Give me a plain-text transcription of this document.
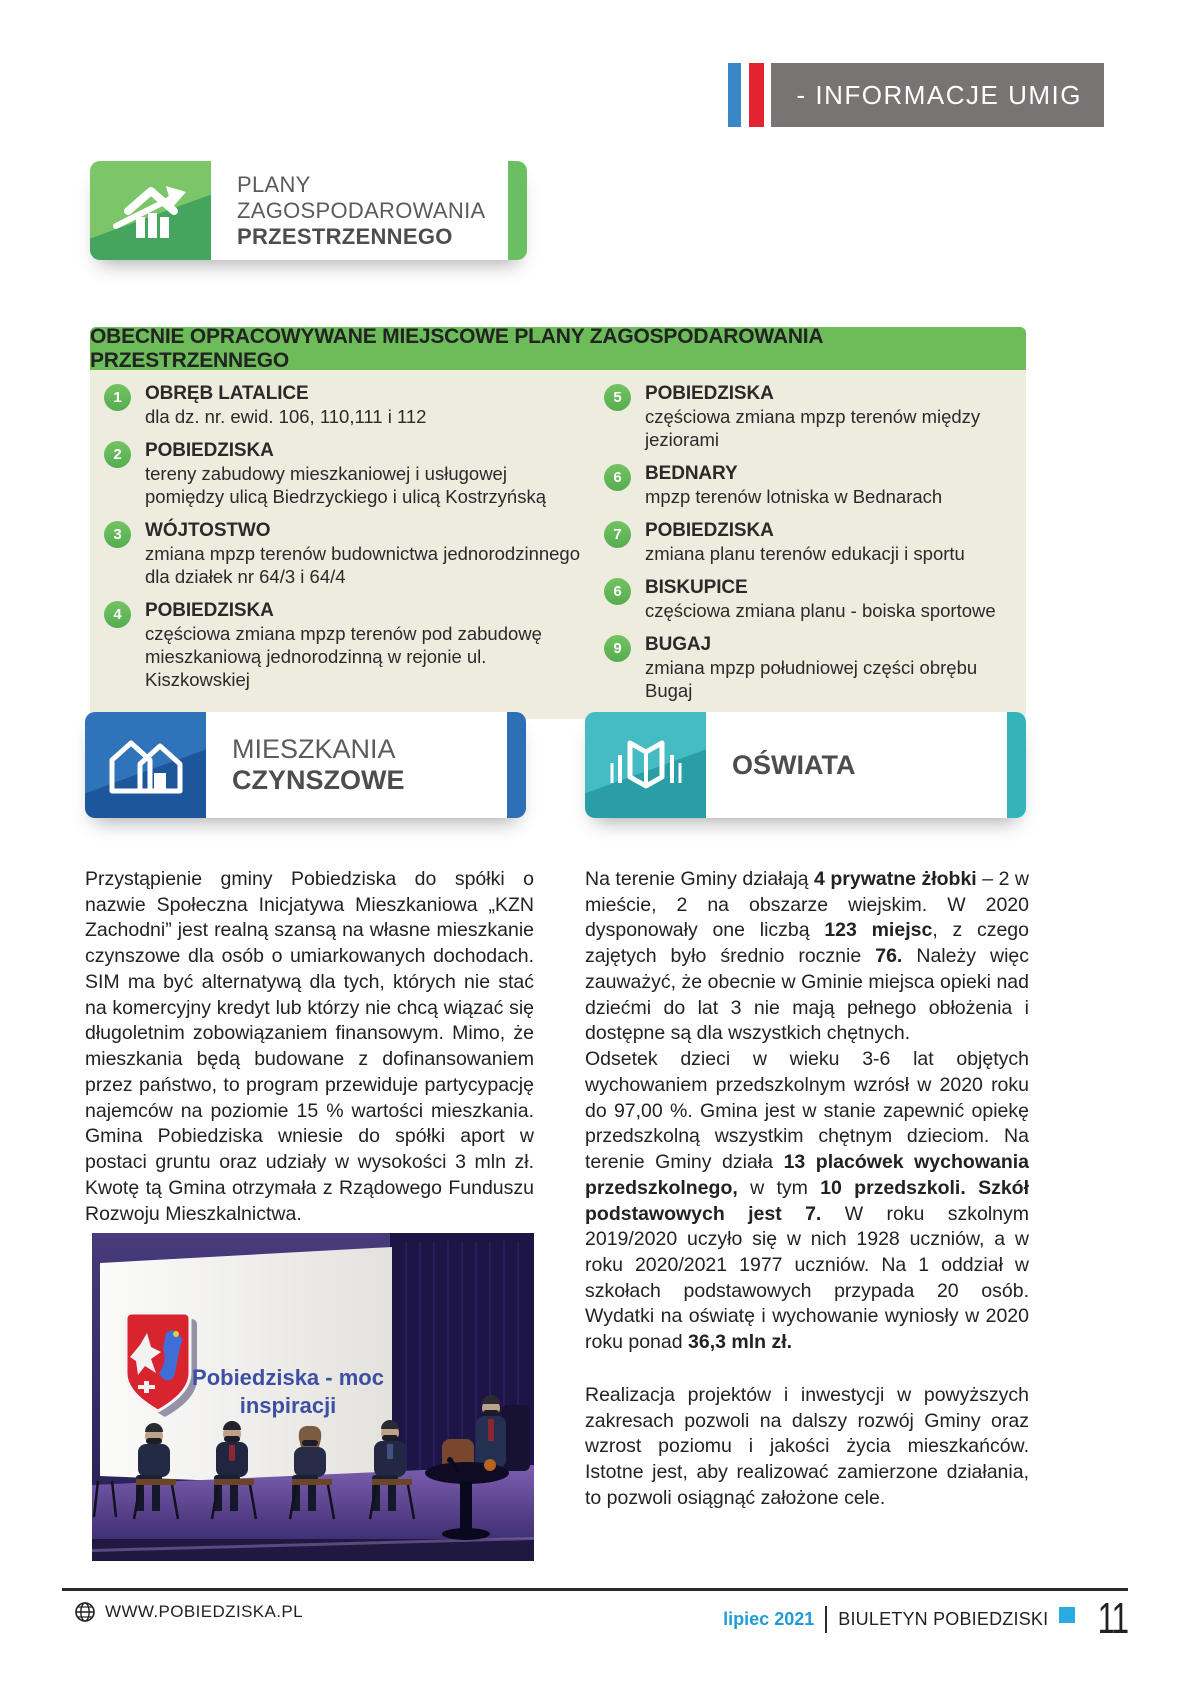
- INFORMACJE UMIG
PLANY ZAGOSPODAROWANIA
PRZESTRZENNEGO
OBECNIE OPRACOWYWANE MIEJSCOWE PLANY ZAGOSPODAROWANIA PRZESTRZENNEGO
1	OBRĘB LATALICE
dla dz. nr. ewid. 106, 110,111 i 112
2	POBIEDZISKA
tereny zabudowy mieszkaniowej i usługowej pomiędzy ulicą Biedrzyckiego i ulicą Kostrzyńską
3	WÓJTOSTWO
zmiana mpzp terenów budownictwa jednorodzinnego dla działek nr 64/3 i 64/4
4	POBIEDZISKA
częściowa zmiana mpzp terenów pod zabudowę mieszkaniową jednorodzinną w rejonie ul. Kiszkowskiej
5	POBIEDZISKA
częściowa zmiana mpzp terenów między jeziorami
6	BEDNARY
mpzp terenów lotniska w Bednarach
7	POBIEDZISKA
zmiana planu terenów edukacji i sportu
6	BISKUPICE
częściowa zmiana planu - boiska sportowe
9	BUGAJ
zmiana mpzp południowej części obrębu Bugaj
MIESZKANIA
CZYNSZOWE
OŚWIATA
Przystąpienie gminy Pobiedziska do spółki o nazwie Społeczna Inicjatywa Mieszkaniowa „KZN Zachodni” jest realną szansą na własne mieszkanie czynszowe dla osób o umiarkowanych dochodach. SIM ma być alternatywą dla tych, których nie stać na komercyjny kredyt lub którzy nie chcą wiązać się długoletnim zobowiązaniem finansowym. Mimo, że mieszkania będą budowane z dofinansowaniem przez państwo, to program przewiduje partycypację najemców na poziomie 15 % wartości mieszkania. Gmina Pobiedziska wniesie do spółki aport w postaci gruntu oraz udziały w wysokości 3 mln zł. Kwotę tą Gmina otrzymała z Rządowego Funduszu Rozwoju Mieszkalnictwa.
Pobiedziska - moc
inspiracji

Na terenie Gminy działają 4 prywatne żłobki – 2 w mieście, 2 na obszarze wiejskim. W 2020 dysponowały one liczbą 123 miejsc, z czego zajętych było średnio rocznie 76. Należy więc zauważyć, że obecnie w Gminie miejsca opieki nad dziećmi do lat 3 nie mają pełnego obłożenia i dostępne są dla wszystkich chętnych.

Odsetek dzieci w wieku 3-6 lat objętych wychowaniem przedszkolnym wzrósł w 2020 roku do 97,00 %. Gmina jest w stanie zapewnić opiekę przedszkolną wszystkim chętnym dzieciom. Na terenie Gminy działa 13 placówek wychowania przedszkolnego, w tym 10 przedszkoli. Szkół podstawowych jest 7. W roku szkolnym 2019/2020 uczyło się w nich 1928 uczniów, a w roku 2020/2021 1977 uczniów. Na 1 oddział w szkołach podstawowych przypada 20 osób. Wydatki na oświatę i wychowanie wyniosły w 2020 roku ponad 36,3 mln zł.

Realizacja projektów i inwestycji w powyższych zakresach pozwoli na dalszy rozwój Gminy oraz wzrost poziomu i jakości życia mieszkańców. Istotne jest, aby realizować zamierzone działania, to pozwoli osiągnąć założone cele.

WWW.POBIEDZISKA.PL	lipiec 2021 BIULETYN POBIEDZISKI 11
